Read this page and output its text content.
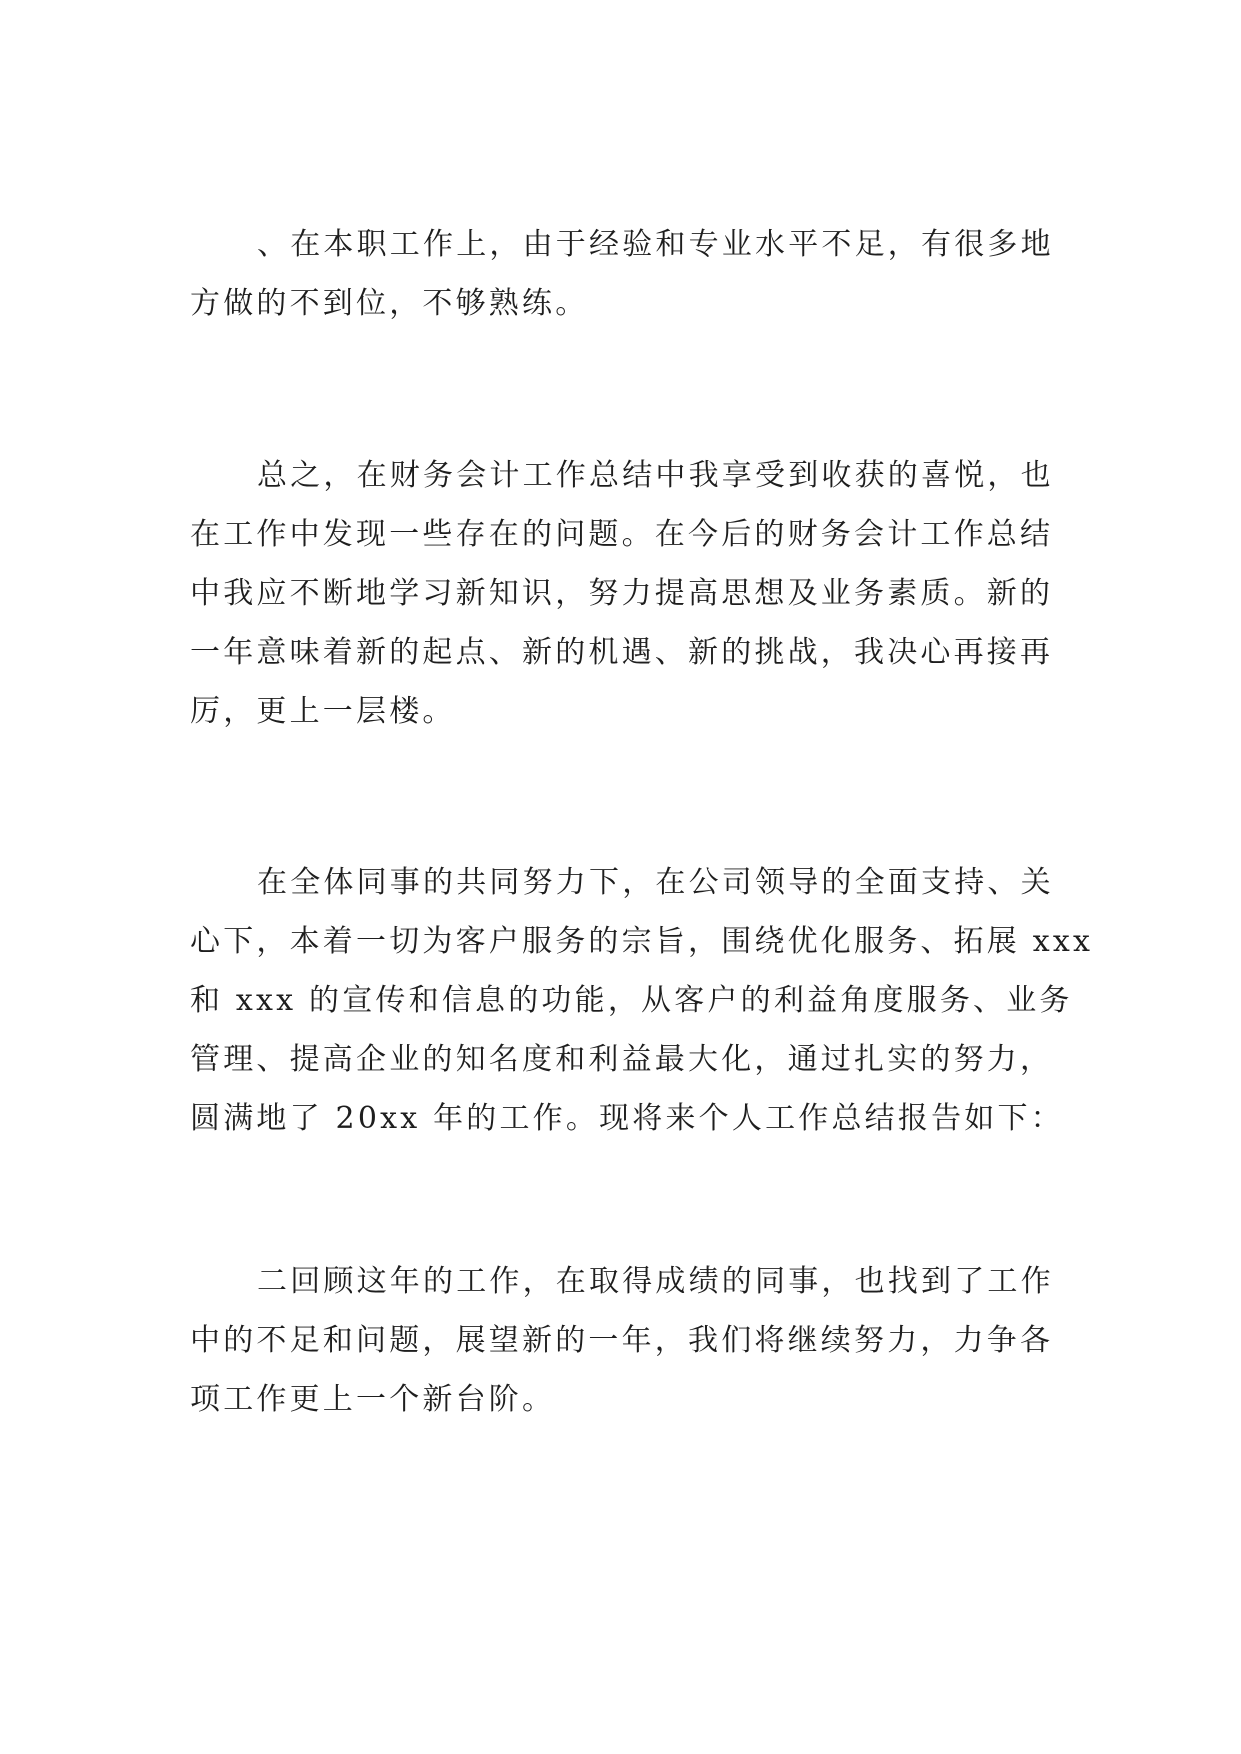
、在本职工作上，由于经验和专业水平不足，有很多地
方做的不到位，不够熟练。

总之，在财务会计工作总结中我享受到收获的喜悦，也
在工作中发现一些存在的问题。在今后的财务会计工作总结
中我应不断地学习新知识，努力提高思想及业务素质。新的
一年意味着新的起点、新的机遇、新的挑战，我决心再接再
厉，更上一层楼。

在全体同事的共同努力下，在公司领导的全面支持、关
心下，本着一切为客户服务的宗旨，围绕优化服务、拓展 xxx
和 xxx 的宣传和信息的功能，从客户的利益角度服务、业务
管理、提高企业的知名度和利益最大化，通过扎实的努力，
圆满地了 20xx 年的工作。现将来个人工作总结报告如下：

二回顾这年的工作，在取得成绩的同事，也找到了工作
中的不足和问题，展望新的一年，我们将继续努力，力争各
项工作更上一个新台阶。
